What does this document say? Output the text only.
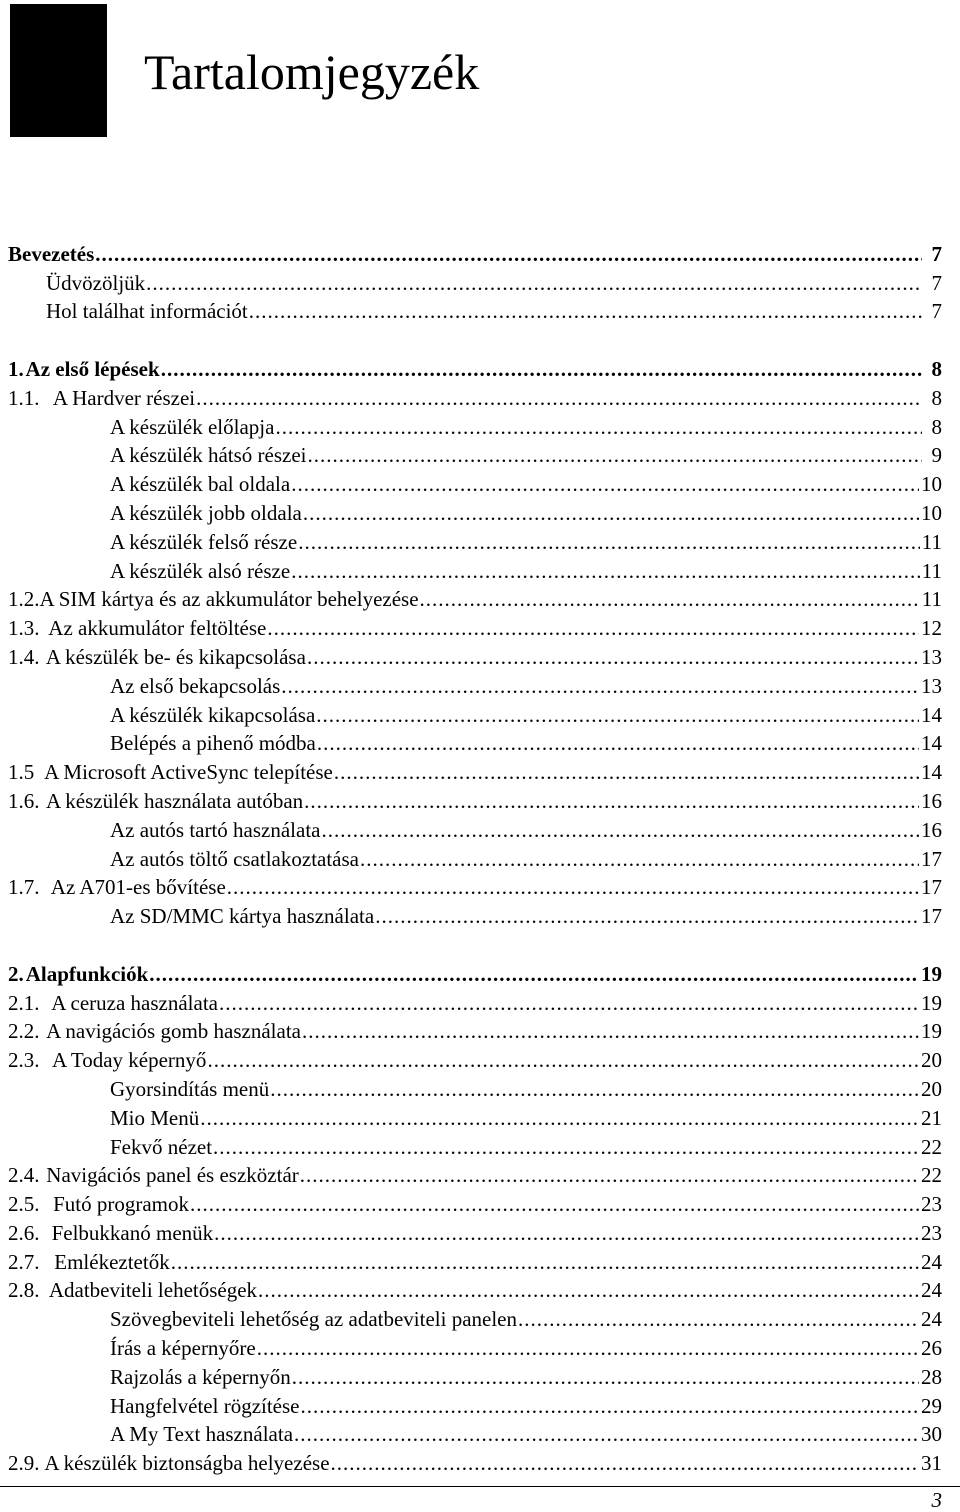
Tartalomjegyzék
Bevezetés .....	7
Üdvözöljük .....	7
Hol találhat információt .....	7
1. Az első lépések .....	8
1.1. A Hardver részei .....	8
A készülék előlapja .....	8
A készülék hátsó részei .....	9
A készülék bal oldala .....	10
A készülék jobb oldala .....	10
A készülék felső része .....	11
A készülék alsó része .....	11
1.2. A SIM kártya és az akkumulátor behelyezése .....	11
1.3. Az akkumulátor feltöltése .....	12
1.4. A készülék be- és kikapcsolása .....	13
Az első bekapcsolás .....	13
A készülék kikapcsolása .....	14
Belépés a pihenő módba .....	14
1.5 A Microsoft ActiveSync telepítése .....	14
1.6. A készülék használata autóban .....	16
Az autós tartó használata .....	16
Az autós töltő csatlakoztatása .....	17
1.7. Az A701-es bővítése .....	17
Az SD/MMC kártya használata .....	17
2. Alapfunkciók .....	19
2.1. A ceruza használata .....	19
2.2. A navigációs gomb használata .....	19
2.3. A Today képernyő .....	20
Gyorsindítás menü .....	20
Mio Menü .....	21
Fekvő nézet .....	22
2.4. Navigációs panel és eszköztár .....	22
2.5. Futó programok .....	23
2.6. Felbukkanó menük .....	23
2.7. Emlékeztetők .....	24
2.8. Adatbeviteli lehetőségek .....	24
Szövegbeviteli lehetőség az adatbeviteli panelen .....	24
Írás a képernyőre .....	26
Rajzolás a képernyőn .....	28
Hangfelvétel rögzítése .....	29
A My Text használata .....	30
2.9. A készülék biztonságba helyezése .....	31
3
